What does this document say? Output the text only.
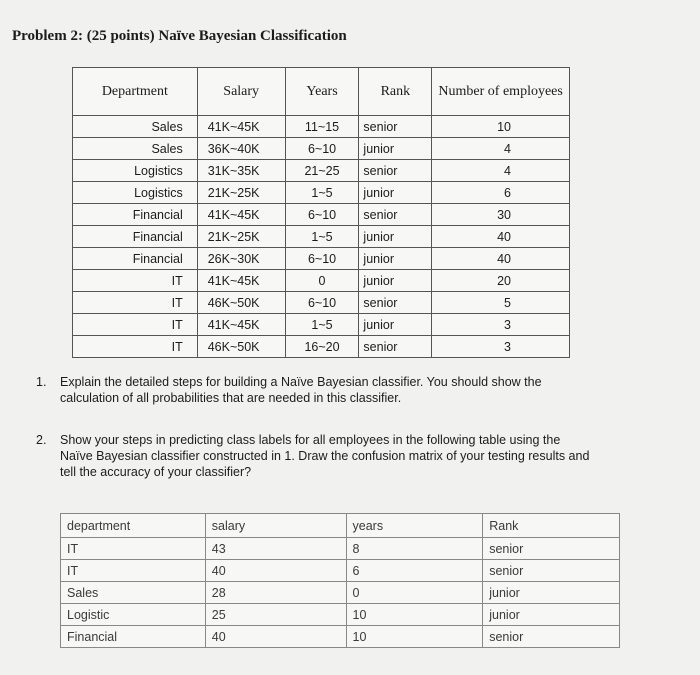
Problem 2: (25 points) Naïve Bayesian Classification
Department	Salary	Years	Rank	Number of employees
Sales	41K~45K	11~15	senior	10
Sales	36K~40K	6~10	junior	4
Logistics	31K~35K	21~25	senior	4
Logistics	21K~25K	1~5	junior	6
Financial	41K~45K	6~10	senior	30
Financial	21K~25K	1~5	junior	40
Financial	26K~30K	6~10	junior	40
IT	41K~45K	0	junior	20
IT	46K~50K	6~10	senior	5
IT	41K~45K	1~5	junior	3
IT	46K~50K	16~20	senior	3
1.	Explain the detailed steps for building a Naïve Bayesian classifier. You should show the calculation of all probabilities that are needed in this classifier.
2.	Show your steps in predicting class labels for all employees in the following table using the Naïve Bayesian classifier constructed in 1. Draw the confusion matrix of your testing results and tell the accuracy of your classifier?
department	salary	years	Rank
IT	43	8	senior
IT	40	6	senior
Sales	28	0	junior
Logistic	25	10	junior
Financial	40	10	senior
